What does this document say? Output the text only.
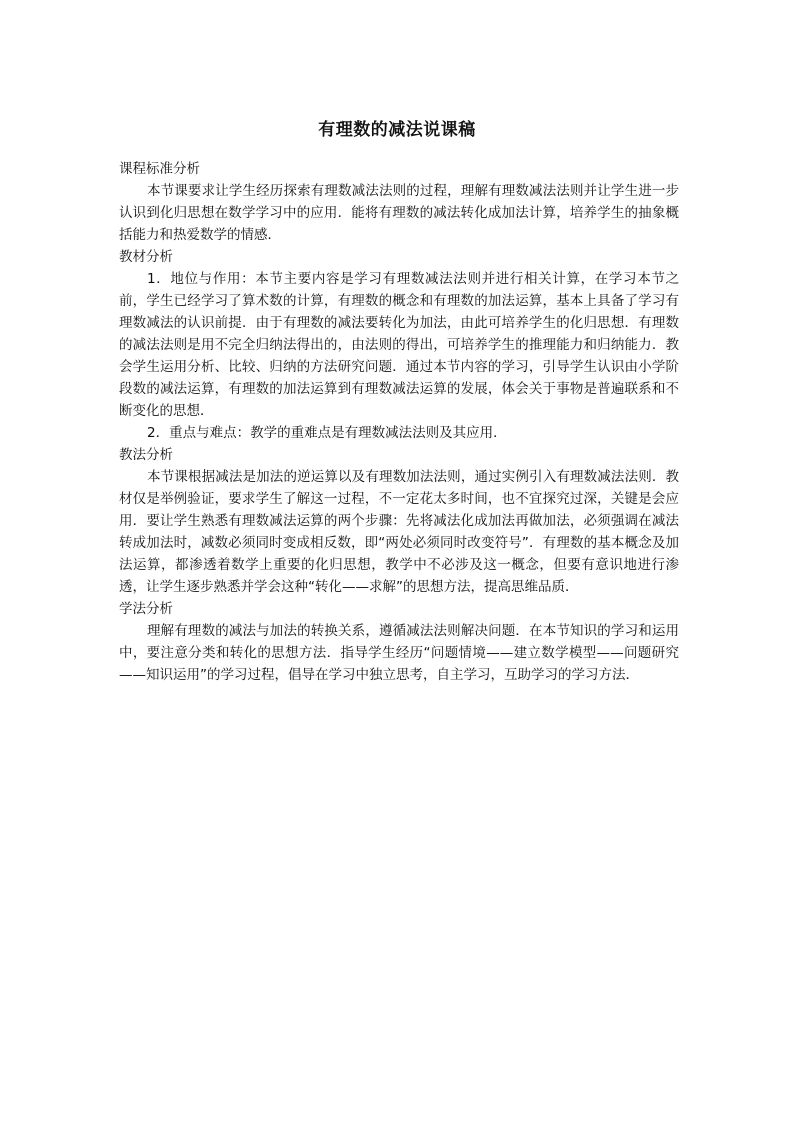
有理数的减法说课稿

课程标准分析

本节课要求让学生经历探索有理数减法法则的过程，理解有理数减法法则并让学生进一步认识到化归思想在数学学习中的应用．能将有理数的减法转化成加法计算，培养学生的抽象概括能力和热爱数学的情感．

教材分析

1．地位与作用：本节主要内容是学习有理数减法法则并进行相关计算，在学习本节之前，学生已经学习了算术数的计算，有理数的概念和有理数的加法运算，基本上具备了学习有理数减法的认识前提．由于有理数的减法要转化为加法，由此可培养学生的化归思想．有理数的减法法则是用不完全归纳法得出的，由法则的得出，可培养学生的推理能力和归纳能力．教会学生运用分析、比较、归纳的方法研究问题．通过本节内容的学习，引导学生认识由小学阶段数的减法运算，有理数的加法运算到有理数减法运算的发展，体会关于事物是普遍联系和不断变化的思想．

2．重点与难点：教学的重难点是有理数减法法则及其应用．

教法分析

本节课根据减法是加法的逆运算以及有理数加法法则，通过实例引入有理数减法法则．教材仅是举例验证，要求学生了解这一过程，不一定花太多时间，也不宜探究过深，关键是会应用．要让学生熟悉有理数减法运算的两个步骤：先将减法化成加法再做加法，必须强调在减法转成加法时，减数必须同时变成相反数，即“两处必须同时改变符号”．有理数的基本概念及加法运算，都渗透着数学上重要的化归思想，教学中不必涉及这一概念，但要有意识地进行渗透，让学生逐步熟悉并学会这种“转化——求解”的思想方法，提高思维品质．

学法分析

理解有理数的减法与加法的转换关系，遵循减法法则解决问题．在本节知识的学习和运用中，要注意分类和转化的思想方法．指导学生经历“问题情境——建立数学模型——问题研究——知识运用”的学习过程，倡导在学习中独立思考，自主学习，互助学习的学习方法．
